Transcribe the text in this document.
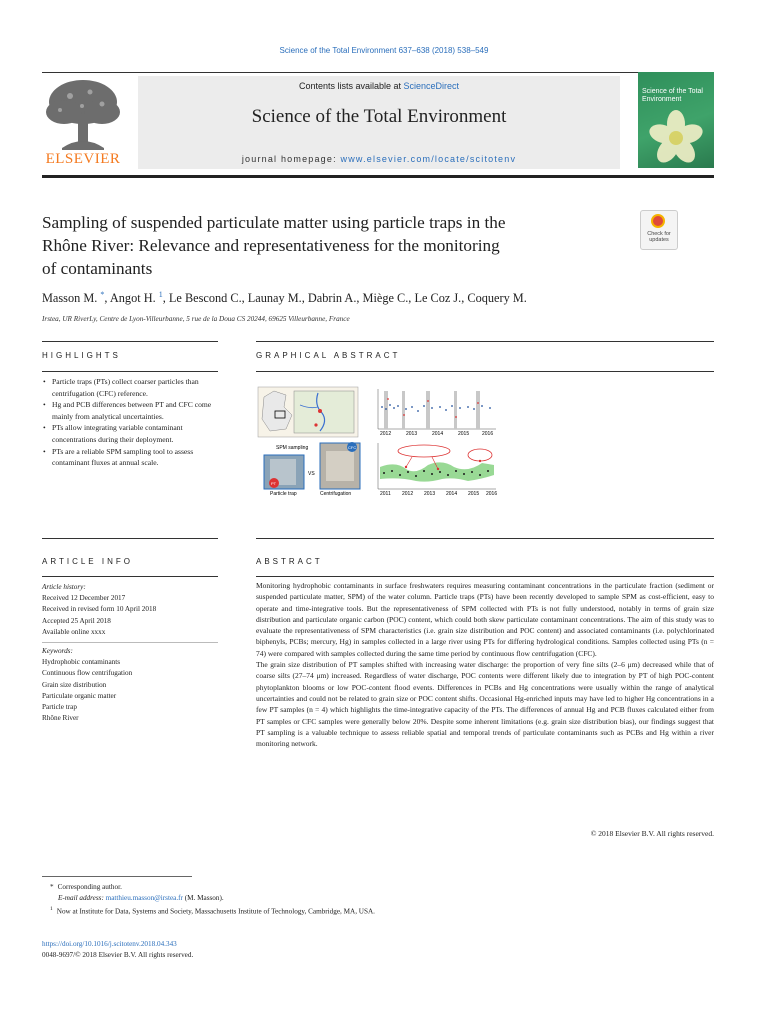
Science of the Total Environment 637–638 (2018) 538–549
ELSEVIER
Contents lists available at ScienceDirect
Science of the Total Environment
journal homepage: www.elsevier.com/locate/scitotenv
Science of the Total Environment
Sampling of suspended particulate matter using particle traps in the
Rhône River: Relevance and representativeness for the monitoring
of contaminants
Check for updates
Masson M. *, Angot H. $^1$, Le Bescond C., Launay M., Dabrin A., Miège C., Le Coz J., Coquery M.
Irstea, UR RiverLy, Centre de Lyon-Villeurbanne, 5 rue de la Doua CS 20244, 69625 Villeurbanne, France
HIGHLIGHTS	GRAPHICAL ABSTRACT
• Particle traps (PTs) collect coarser particles than centrifugation (CFC) reference.
• Hg and PCB differences between PT and CFC come mainly from analytical uncertainties.
• PTs allow integrating variable contaminant concentrations during their deployment.
• PTs are a reliable SPM sampling tool to assess contaminant fluxes at annual scale.
2012	2013	2014	2015	2016
SPM sampling
PT
VS
CFC
Particle trap	Centrifugation	2011 2012 2013 2014 2015 2016
ARTICLE INFO	ABSTRACT
Article history:
Received 12 December 2017
Received in revised form 10 April 2018
Accepted 25 April 2018
Available online xxxx
Keywords:
Hydrophobic contaminants
Continuous flow centrifugation
Grain size distribution
Particulate organic matter
Particle trap
Rhône River

Monitoring hydrophobic contaminants in surface freshwaters requires measuring contaminant concentrations in the particulate fraction (sediment or suspended particulate matter, SPM) of the water column. Particle traps (PTs) have been recently developed to sample SPM as cost-efficient, easy to operate and time-integrative tools. But the representativeness of SPM collected with PTs is not fully understood, notably in terms of grain size distribution and particulate organic carbon (POC) content, which could both skew particulate contaminant concentrations. The aim of this study was to evaluate the representativeness of SPM characteristics (i.e. grain size distribution and POC content) and associated contaminants (i.e. polychlorinated biphenyls, PCBs; mercury, Hg) in samples collected in a large river using PTs for differing hydrological conditions. Samples collected using PTs (n = 74) were compared with samples collected during the same time period by continuous flow centrifugation (CFC).

The grain size distribution of PT samples shifted with increasing water discharge: the proportion of very fine silts (2–6 μm) decreased while that of coarse silts (27–74 μm) increased. Regardless of water discharge, POC contents were different likely due to integration by PT of high POC-content phytoplankton blooms or low POC-content flood events. Differences in PCBs and Hg concentrations were usually within the range of analytical uncertainties and could not be related to grain size or POC content shifts. Occasional Hg-enriched inputs may have led to higher Hg concentrations in a few PT samples (n = 4) which highlights the time-integrative capacity of the PTs. The differences of annual Hg and PCB fluxes calculated either from PT samples or CFC samples were generally below 20%. Despite some inherent limitations (e.g. grain size distribution bias), our findings suggest that PT sampling is a valuable technique to assess reliable spatial and temporal trends of particulate contaminants such as PCBs and Hg within a river monitoring network.

© 2018 Elsevier B.V. All rights reserved.
* Corresponding author.
E-mail address: matthieu.masson@irstea.fr (M. Masson).
$^1$ Now at Institute for Data, Systems and Society, Massachusetts Institute of Technology, Cambridge, MA, USA.
https://doi.org/10.1016/j.scitotenv.2018.04.343
0048-9697/© 2018 Elsevier B.V. All rights reserved.
